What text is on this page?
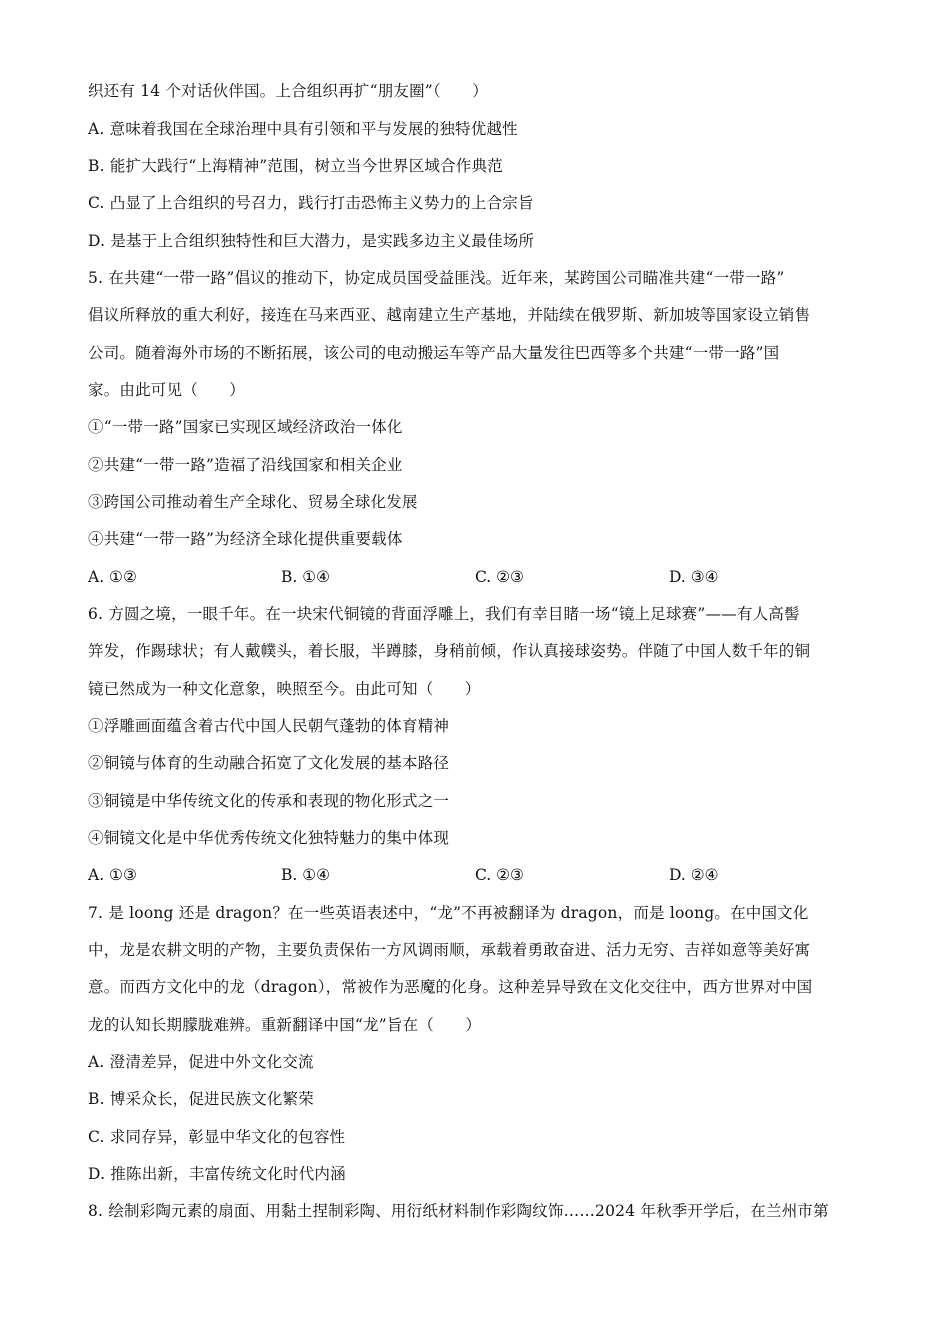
织还有 14 个对话伙伴国。上合组织再扩“朋友圈”（　　）
A. 意味着我国在全球治理中具有引领和平与发展的独特优越性
B. 能扩大践行“上海精神”范围，树立当今世界区域合作典范
C. 凸显了上合组织的号召力，践行打击恐怖主义势力的上合宗旨
D. 是基于上合组织独特性和巨大潜力，是实践多边主义最佳场所
5. 在共建“一带一路”倡议的推动下，协定成员国受益匪浅。近年来，某跨国公司瞄准共建“一带一路”
倡议所释放的重大利好，接连在马来西亚、越南建立生产基地，并陆续在俄罗斯、新加坡等国家设立销售
公司。随着海外市场的不断拓展，该公司的电动搬运车等产品大量发往巴西等多个共建“一带一路”国
家。由此可见（　　）
①“一带一路”国家已实现区域经济政治一体化
②共建“一带一路”造福了沿线国家和相关企业
③跨国公司推动着生产全球化、贸易全球化发展
④共建“一带一路”为经济全球化提供重要载体
A. ①②	B. ①④	C. ②③	D. ③④
6. 方圆之境，一眼千年。在一块宋代铜镜的背面浮雕上，我们有幸目睹一场“镜上足球赛”——有人高髻
笄发，作踢球状；有人戴幞头，着长服，半蹲膝，身稍前倾，作认真接球姿势。伴随了中国人数千年的铜
镜已然成为一种文化意象，映照至今。由此可知（　　）
①浮雕画面蕴含着古代中国人民朝气蓬勃的体育精神
②铜镜与体育的生动融合拓宽了文化发展的基本路径
③铜镜是中华传统文化的传承和表现的物化形式之一
④铜镜文化是中华优秀传统文化独特魅力的集中体现
A. ①③	B. ①④	C. ②③	D. ②④
7. 是 loong 还是 dragon？在一些英语表述中，“龙”不再被翻译为 dragon，而是 loong。在中国文化
中，龙是农耕文明的产物，主要负责保佑一方风调雨顺，承载着勇敢奋进、活力无穷、吉祥如意等美好寓
意。而西方文化中的龙（dragon），常被作为恶魔的化身。这种差异导致在文化交往中，西方世界对中国
龙的认知长期朦胧难辨。重新翻译中国“龙”旨在（　　）
A. 澄清差异，促进中外文化交流
B. 博采众长，促进民族文化繁荣
C. 求同存异，彰显中华文化的包容性
D. 推陈出新，丰富传统文化时代内涵
8. 绘制彩陶元素的扇面、用黏土捏制彩陶、用衍纸材料制作彩陶纹饰……2024 年秋季开学后，在兰州市第
